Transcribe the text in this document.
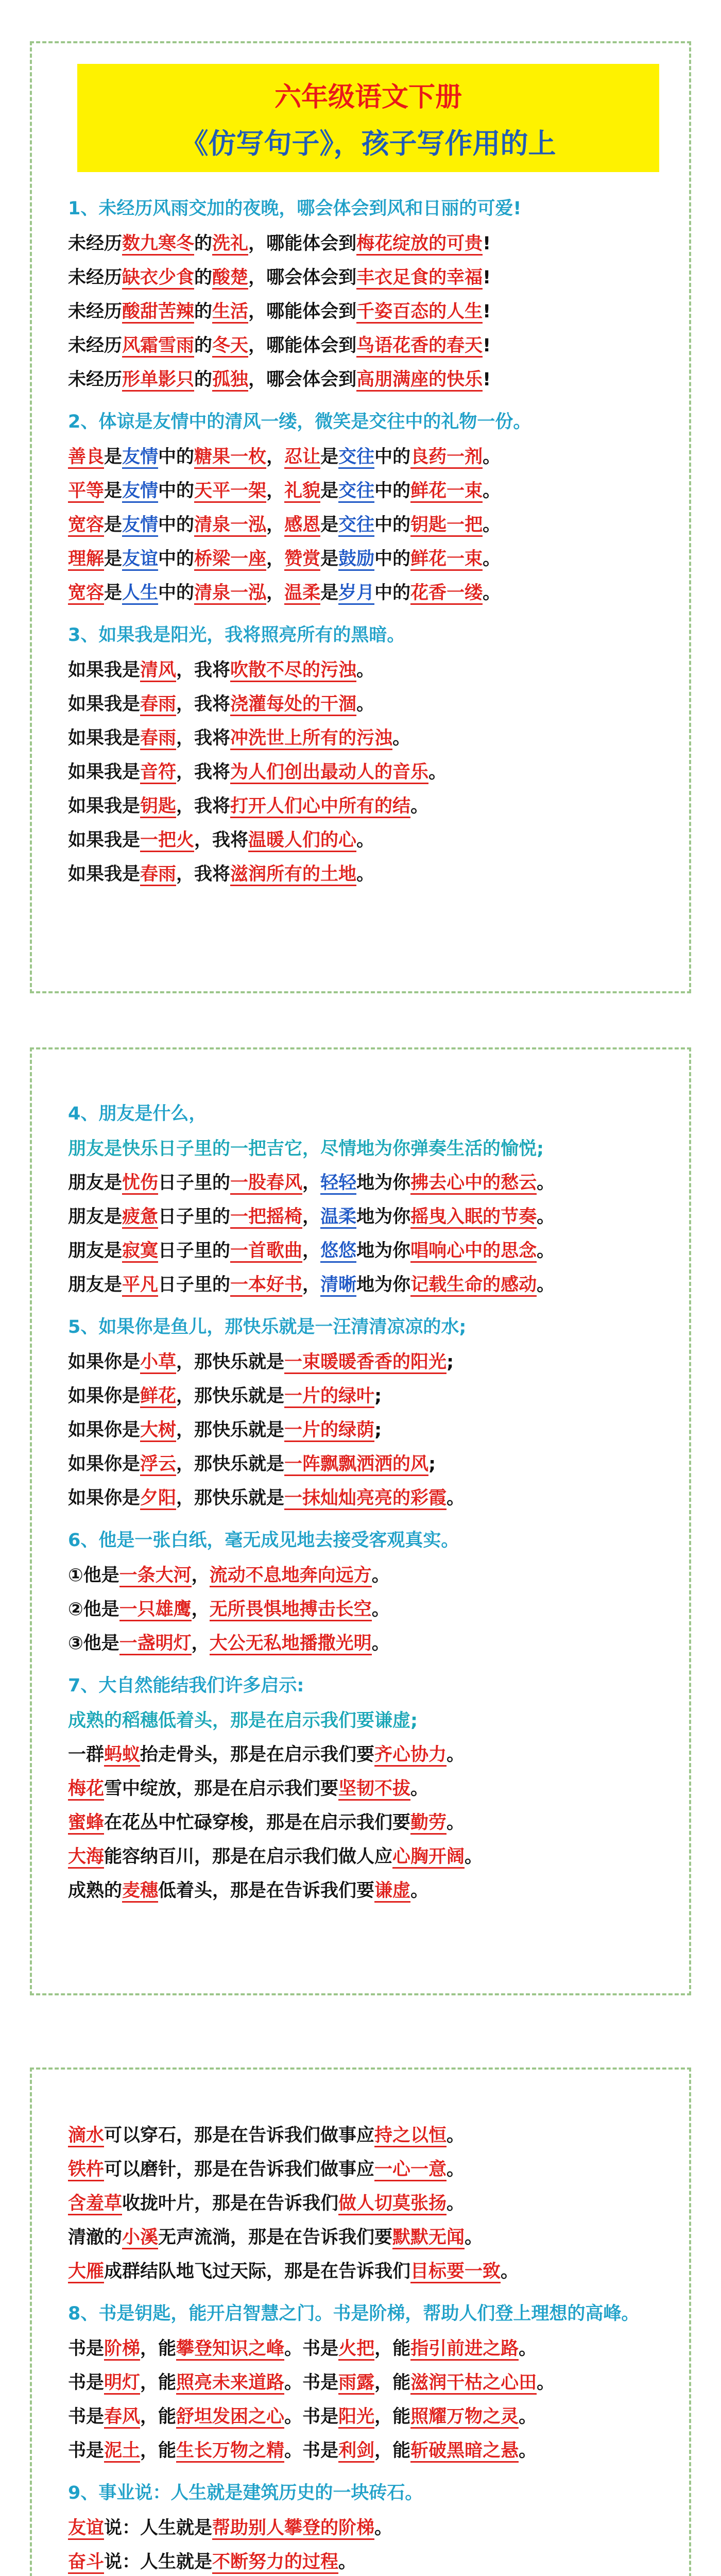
六年级语文下册
《仿写句子》，孩子写作用的上
1、未经历风雨交加的夜晚，哪会体会到风和日丽的可爱!
未经历数九寒冬的洗礼，哪能体会到梅花绽放的可贵!
未经历缺衣少食的酸楚，哪会体会到丰衣足食的幸福!
未经历酸甜苦辣的生活，哪能体会到千姿百态的人生!
未经历风霜雪雨的冬天，哪能体会到鸟语花香的春天!
未经历形单影只的孤独，哪会体会到高朋满座的快乐!
2、体谅是友情中的清风一缕，微笑是交往中的礼物一份。
善良是友情中的糖果一枚，忍让是交往中的良药一剂。
平等是友情中的天平一架，礼貌是交往中的鲜花一束。
宽容是友情中的清泉一泓，感恩是交往中的钥匙一把。
理解是友谊中的桥梁一座，赞赏是鼓励中的鲜花一束。
宽容是人生中的清泉一泓，温柔是岁月中的花香一缕。
3、如果我是阳光，我将照亮所有的黑暗。
如果我是清风，我将吹散不尽的污浊。
如果我是春雨，我将浇灌每处的干涸。
如果我是春雨，我将冲洗世上所有的污浊。
如果我是音符，我将为人们创出最动人的音乐。
如果我是钥匙，我将打开人们心中所有的结。
如果我是一把火，我将温暖人们的心。
如果我是春雨，我将滋润所有的土地。
4、朋友是什么，
朋友是快乐日子里的一把吉它，尽情地为你弹奏生活的愉悦;
朋友是忧伤日子里的一股春风，轻轻地为你拂去心中的愁云。
朋友是疲惫日子里的一把摇椅，温柔地为你摇曳入眠的节奏。
朋友是寂寞日子里的一首歌曲，悠悠地为你唱响心中的思念。
朋友是平凡日子里的一本好书，清晰地为你记载生命的感动。
5、如果你是鱼儿，那快乐就是一汪清清凉凉的水;
如果你是小草，那快乐就是一束暖暖香香的阳光;
如果你是鲜花，那快乐就是一片的绿叶;
如果你是大树，那快乐就是一片的绿荫;
如果你是浮云，那快乐就是一阵飘飘洒洒的风;
如果你是夕阳，那快乐就是一抹灿灿亮亮的彩霞。
6、他是一张白纸，毫无成见地去接受客观真实。
①他是一条大河，流动不息地奔向远方。
②他是一只雄鹰，无所畏惧地搏击长空。
③他是一盏明灯，大公无私地播撒光明。
7、大自然能结我们许多启示:
成熟的稻穗低着头，那是在启示我们要谦虚;
一群蚂蚁抬走骨头，那是在启示我们要齐心协力。
梅花雪中绽放，那是在启示我们要坚韧不拔。
蜜蜂在花丛中忙碌穿梭，那是在启示我们要勤劳。
大海能容纳百川，那是在启示我们做人应心胸开阔。
成熟的麦穗低着头，那是在告诉我们要谦虚。
滴水可以穿石，那是在告诉我们做事应持之以恒。
铁杵可以磨针，那是在告诉我们做事应一心一意。
含羞草收拢叶片，那是在告诉我们做人切莫张扬。
清澈的小溪无声流淌，那是在告诉我们要默默无闻。
大雁成群结队地飞过天际，那是在告诉我们目标要一致。
8、书是钥匙，能开启智慧之门。书是阶梯，帮助人们登上理想的高峰。
书是阶梯，能攀登知识之峰。书是火把，能指引前进之路。
书是明灯，能照亮未来道路。书是雨露，能滋润干枯之心田。
书是春风，能舒坦发困之心。书是阳光，能照耀万物之灵。
书是泥土，能生长万物之精。书是利剑，能斩破黑暗之悬。
9、事业说：人生就是建筑历史的一块砖石。
友谊说：人生就是帮助别人攀登的阶梯。
奋斗说：人生就是不断努力的过程。
